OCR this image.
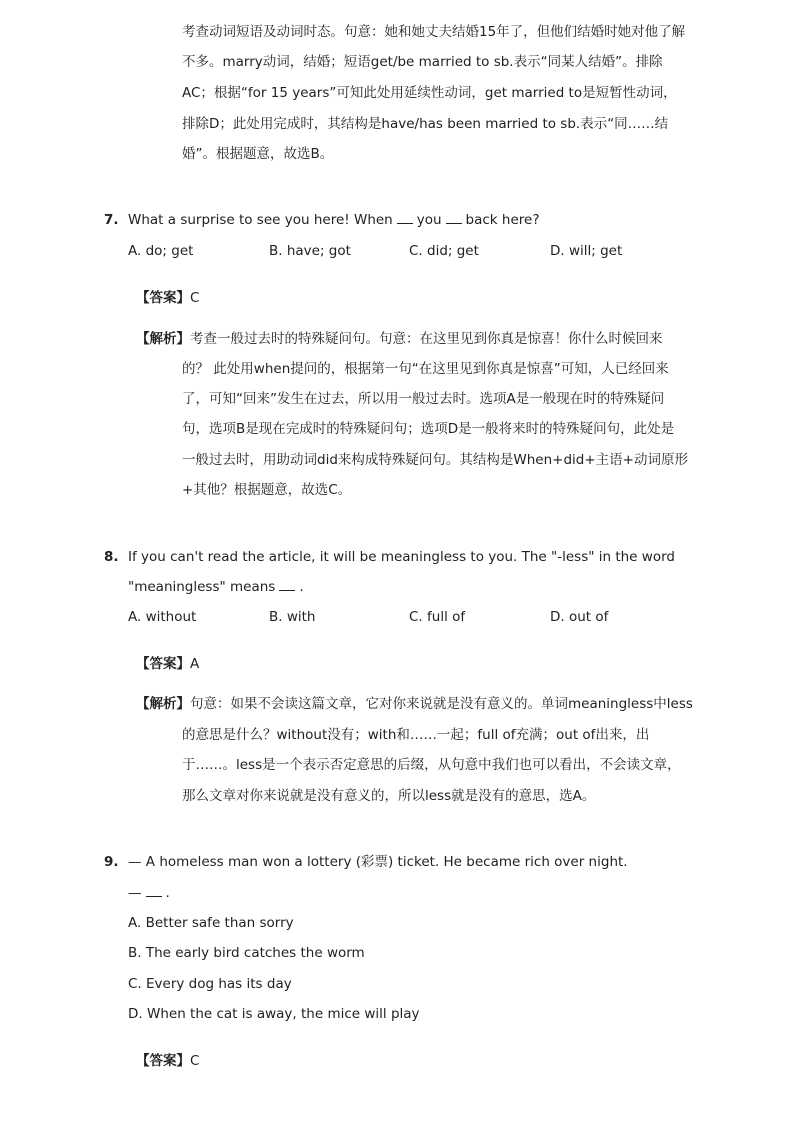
考查动词短语及动词时态。句意：她和她丈夫结婚15年了，但他们结婚时她对他了解
不多。marry动词，结婚；短语get/be married to sb.表示“同某人结婚”。排除
AC；根据“for 15 years”可知此处用延续性动词，get married to是短暂性动词，
排除D；此处用完成时，其结构是have/has been married to sb.表示“同……结
婚”。根据题意，故选B。
7. What a surprise to see you here! When you back here?
A. do; get	B. have; got	C. did; get	D. will; get
【答案】C
【解析】考查一般过去时的特殊疑问句。句意：在这里见到你真是惊喜！你什么时候回来
的？ 此处用when提问的，根据第一句“在这里见到你真是惊喜”可知，人已经回来
了，可知“回来”发生在过去，所以用一般过去时。选项A是一般现在时的特殊疑问
句，选项B是现在完成时的特殊疑问句；选项D是一般将来时的特殊疑问句，此处是
一般过去时，用助动词did来构成特殊疑问句。其结构是When+did+主语+动词原形
+其他？根据题意，故选C。
8. If you can't read the article, it will be meaningless to you. The "-less" in the word
"meaningless" means .
A. without	B. with	C. full of	D. out of
【答案】A
【解析】句意：如果不会读这篇文章，它对你来说就是没有意义的。单词meaningless中less
的意思是什么？without没有；with和……一起；full of充满；out of出来，出
于……。less是一个表示否定意思的后缀，从句意中我们也可以看出，不会读文章，
那么文章对你来说就是没有意义的，所以less就是没有的意思，选A。
9. — A homeless man won a lottery (彩票) ticket. He became rich over night.
— .
A. Better safe than sorry
B. The early bird catches the worm
C. Every dog has its day
D. When the cat is away, the mice will play
【答案】C
